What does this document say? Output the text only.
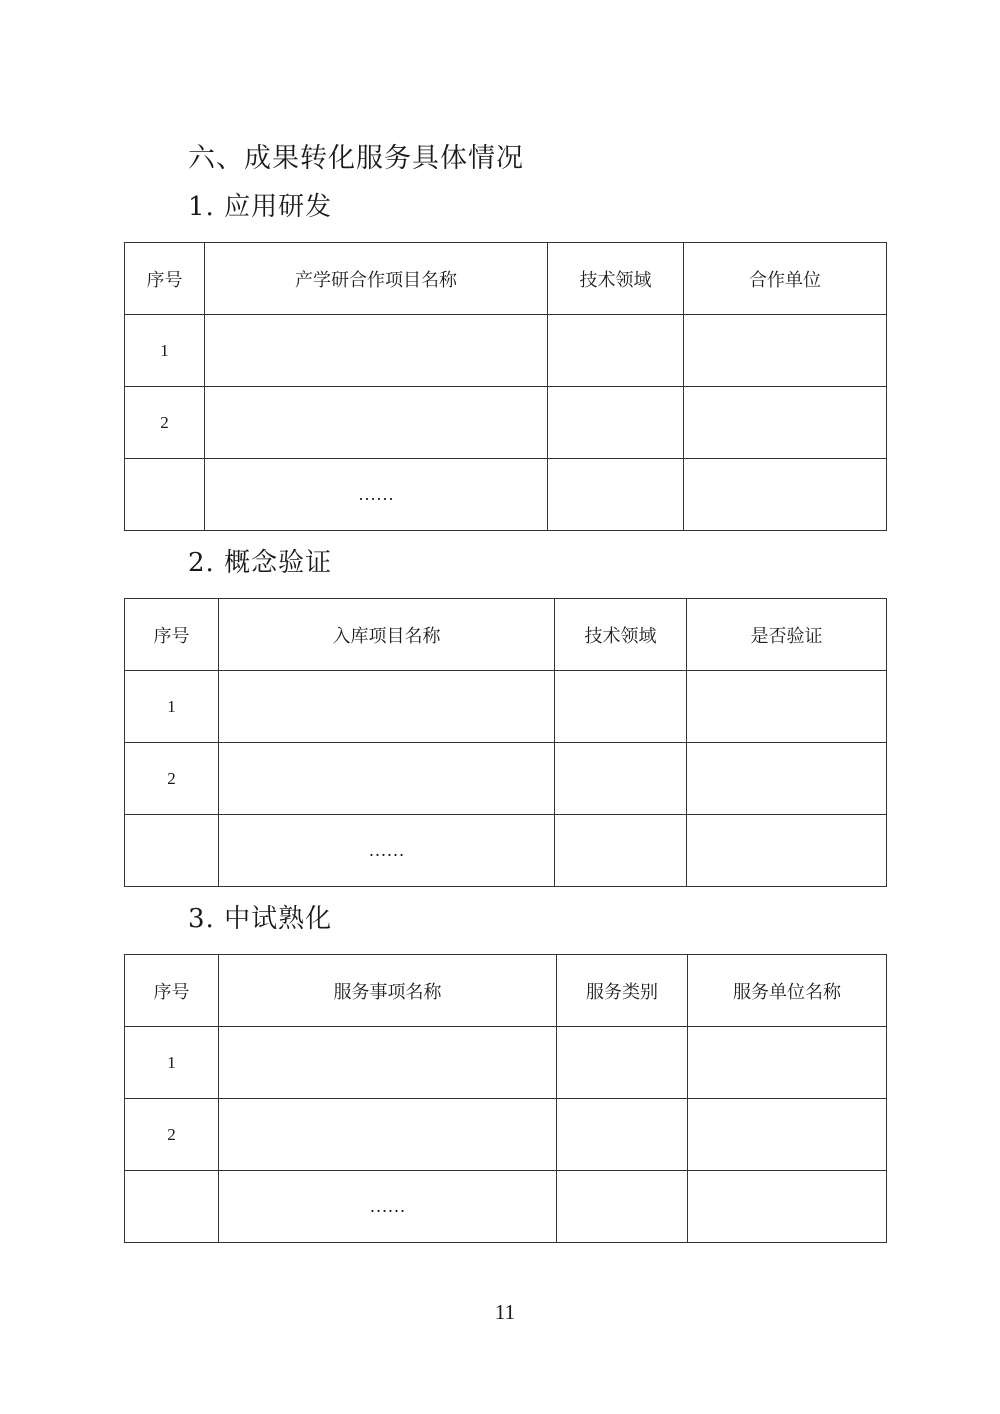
六、成果转化服务具体情况
1. 应用研发
序号	产学研合作项目名称	技术领域	合作单位
1			
2			
	……		
2. 概念验证
序号	入库项目名称	技术领域	是否验证
1			
2			
	……		
3. 中试熟化
序号	服务事项名称	服务类别	服务单位名称
1			
2			
	……		
11
